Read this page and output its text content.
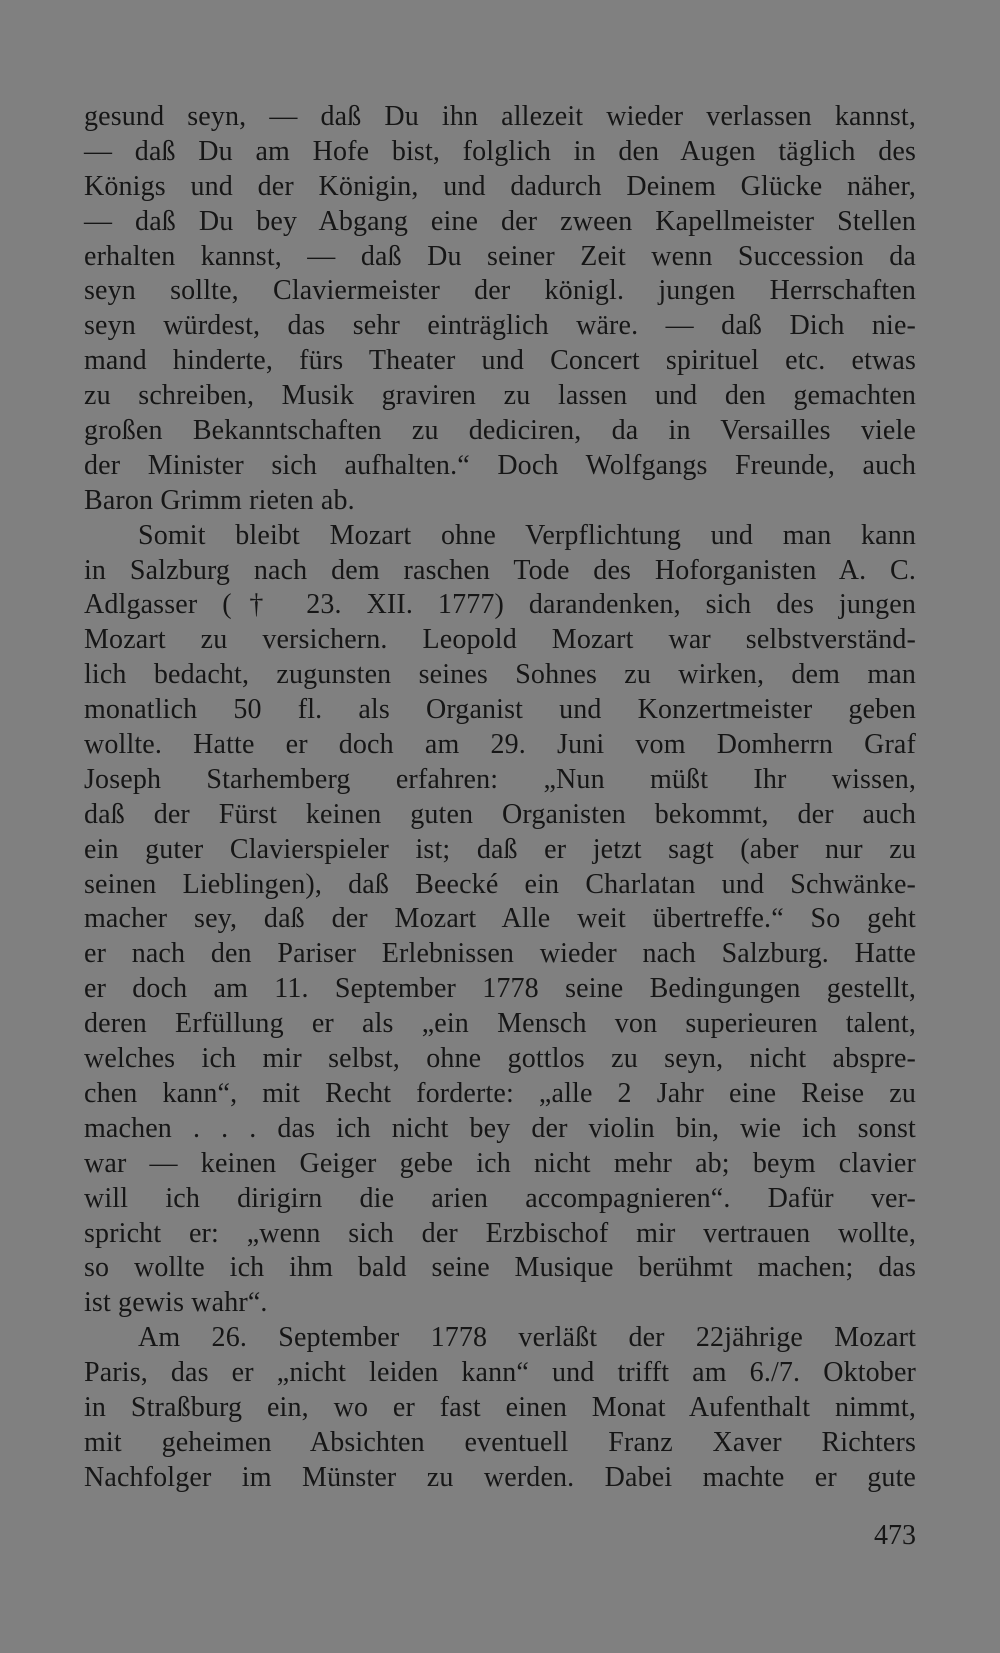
gesund seyn, — daß Du ihn allezeit wieder verlassen kannst,
— daß Du am Hofe bist, folglich in den Augen täglich des
Königs und der Königin, und dadurch Deinem Glücke näher,
— daß Du bey Abgang eine der zween Kapellmeister Stellen
erhalten kannst, — daß Du seiner Zeit wenn Succession da
seyn sollte, Claviermeister der königl. jungen Herrschaften
seyn würdest, das sehr einträglich wäre. — daß Dich nie-
mand hinderte, fürs Theater und Concert spirituel etc. etwas
zu schreiben, Musik graviren zu lassen und den gemachten
großen Bekanntschaften zu dediciren, da in Versailles viele
der Minister sich aufhalten.“ Doch Wolfgangs Freunde, auch
Baron Grimm rieten ab.
Somit bleibt Mozart ohne Verpflichtung und man kann
in Salzburg nach dem raschen Tode des Hoforganisten A. C.
Adlgasser († 23. XII. 1777) darandenken, sich des jungen
Mozart zu versichern. Leopold Mozart war selbstverständ-
lich bedacht, zugunsten seines Sohnes zu wirken, dem man
monatlich 50 fl. als Organist und Konzertmeister geben
wollte. Hatte er doch am 29. Juni vom Domherrn Graf
Joseph Starhemberg erfahren: „Nun müßt Ihr wissen,
daß der Fürst keinen guten Organisten bekommt, der auch
ein guter Clavierspieler ist; daß er jetzt sagt (aber nur zu
seinen Lieblingen), daß Beecké ein Charlatan und Schwänke-
macher sey, daß der Mozart Alle weit übertreffe.“ So geht
er nach den Pariser Erlebnissen wieder nach Salzburg. Hatte
er doch am 11. September 1778 seine Bedingungen gestellt,
deren Erfüllung er als „ein Mensch von superieuren talent,
welches ich mir selbst, ohne gottlos zu seyn, nicht abspre-
chen kann“, mit Recht forderte: „alle 2 Jahr eine Reise zu
machen . . . das ich nicht bey der violin bin, wie ich sonst
war — keinen Geiger gebe ich nicht mehr ab; beym clavier
will ich dirigirn die arien accompagnieren“. Dafür ver-
spricht er: „wenn sich der Erzbischof mir vertrauen wollte,
so wollte ich ihm bald seine Musique berühmt machen; das
ist gewis wahr“.
Am 26. September 1778 verläßt der 22jährige Mozart
Paris, das er „nicht leiden kann“ und trifft am 6./7. Oktober
in Straßburg ein, wo er fast einen Monat Aufenthalt nimmt,
mit geheimen Absichten eventuell Franz Xaver Richters
Nachfolger im Münster zu werden. Dabei machte er gute
473
